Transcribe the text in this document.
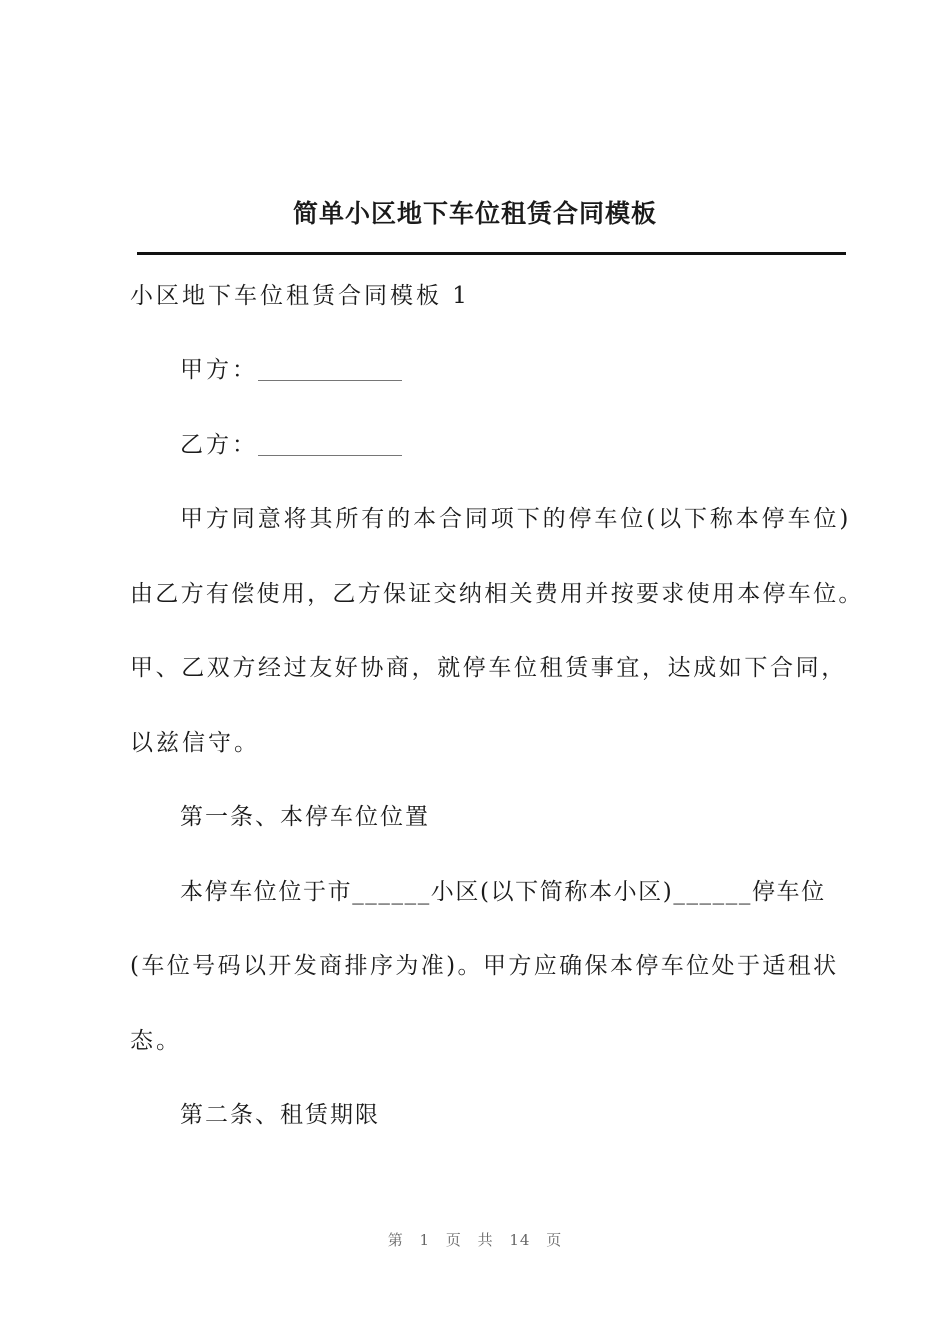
简单小区地下车位租赁合同模板
小区地下车位租赁合同模板 1
甲方：__________________
乙方：__________________
甲方同意将其所有的本合同项下的停车位(以下称本停车位)
由乙方有偿使用，乙方保证交纳相关费用并按要求使用本停车位。
甲、乙双方经过友好协商，就停车位租赁事宜，达成如下合同，
以兹信守。
第一条、本停车位位置
本停车位位于市______小区(以下简称本小区)______停车位
(车位号码以开发商排序为准)。甲方应确保本停车位处于适租状
态。
第二条、租赁期限
第 1 页 共 14 页
